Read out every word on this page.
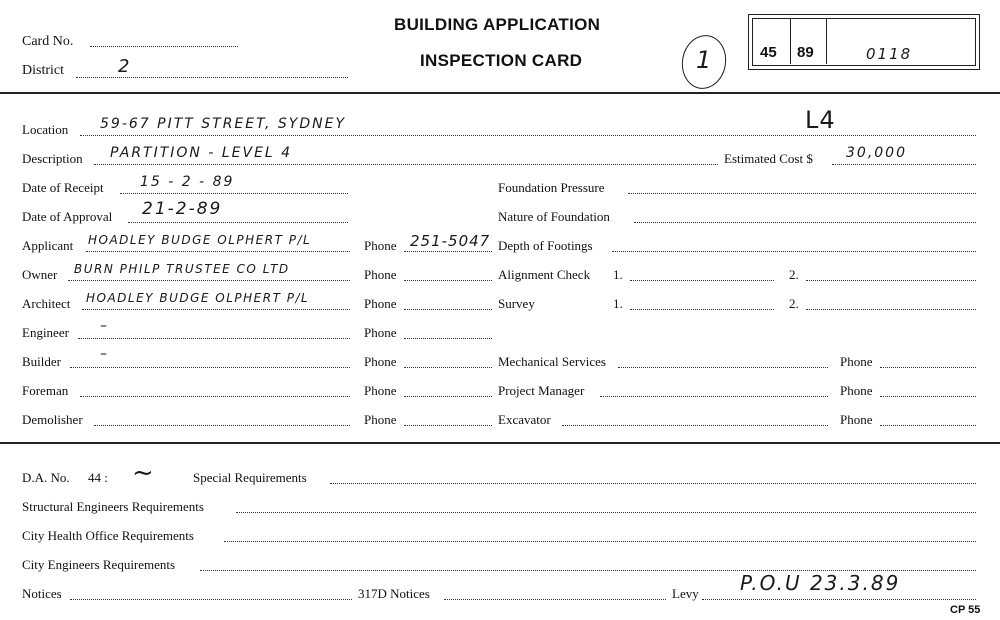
Card No.
District	2
BUILDING APPLICATION
INSPECTION CARD	1	45 89	0118
Location 59-67 PITT STREET, SYDNEY	L4
Description PARTITION - LEVEL 4	Estimated Cost $ 30,000
Date of Receipt	15 - 2 - 89	Foundation Pressure
Date of Approval 21-2-89	Nature of Foundation
Applicant HOADLEY BUDGE OLPHERT P/L	Phone 251-5047 Depth of Footings
Owner BURN PHILP TRUSTEE CO LTD	Phone	Alignment Check 1.	2.
Architect HOADLEY BUDGE OLPHERT P/L	Phone	Survey	1.	2.
Engineer –	Phone
Builder	–	Phone	Mechanical Services	Phone
Foreman	Phone	Project Manager	Phone
Demolisher	Phone	Excavator	Phone
D.A. No. 44 : ~	Special Requirements
Structural Engineers Requirements
City Health Office Requirements
City Engineers Requirements
Notices	317D Notices	Levy P.O.U 23.3.89
CP 55
